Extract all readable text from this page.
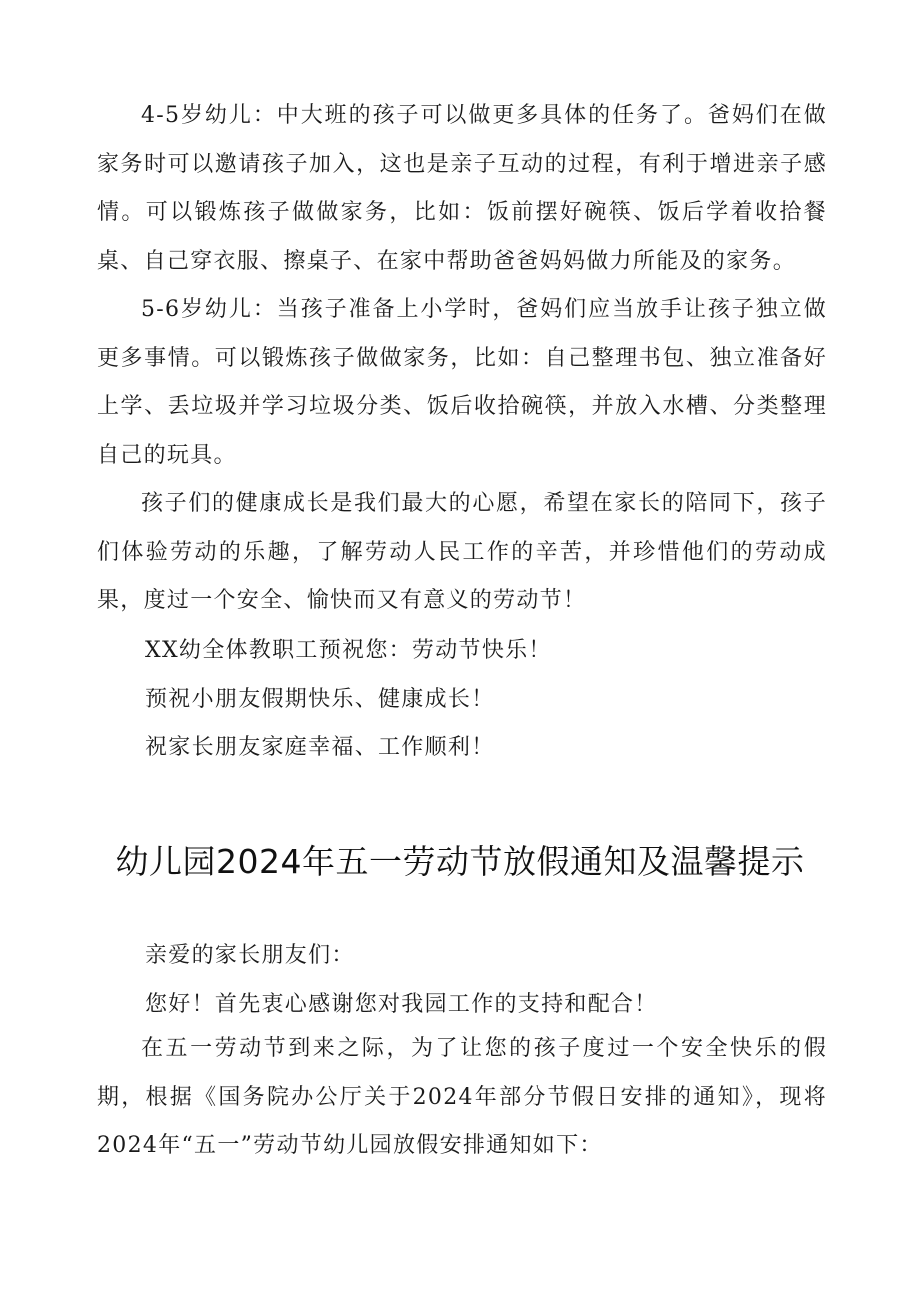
4-5岁幼儿：中大班的孩子可以做更多具体的任务了。爸妈们在做家务时可以邀请孩子加入，这也是亲子互动的过程，有利于增进亲子感情。可以锻炼孩子做做家务，比如：饭前摆好碗筷、饭后学着收拾餐桌、自己穿衣服、擦桌子、在家中帮助爸爸妈妈做力所能及的家务。

5-6岁幼儿：当孩子准备上小学时，爸妈们应当放手让孩子独立做更多事情。可以锻炼孩子做做家务，比如：自己整理书包、独立准备好上学、丢垃圾并学习垃圾分类、饭后收拾碗筷，并放入水槽、分类整理自己的玩具。

孩子们的健康成长是我们最大的心愿，希望在家长的陪同下，孩子们体验劳动的乐趣，了解劳动人民工作的辛苦，并珍惜他们的劳动成果，度过一个安全、愉快而又有意义的劳动节！

XX幼全体教职工预祝您：劳动节快乐！

预祝小朋友假期快乐、健康成长！

祝家长朋友家庭幸福、工作顺利！

幼儿园2024年五一劳动节放假通知及温馨提示

亲爱的家长朋友们：

您好！首先衷心感谢您对我园工作的支持和配合！

在五一劳动节到来之际，为了让您的孩子度过一个安全快乐的假期，根据《国务院办公厅关于2024年部分节假日安排的通知》，现将2024年“五一”劳动节幼儿园放假安排通知如下：
